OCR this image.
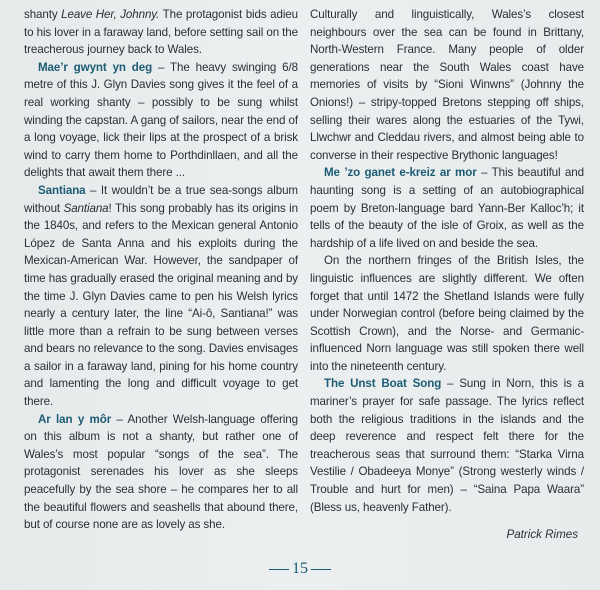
shanty Leave Her, Johnny. The protagonist bids adieu to his lover in a faraway land, before setting sail on the treacherous journey back to Wales.

Mae’r gwynt yn deg – The heavy swinging 6/8 metre of this J. Glyn Davies song gives it the feel of a real working shanty – possibly to be sung whilst winding the capstan. A gang of sailors, near the end of a long voyage, lick their lips at the prospect of a brisk wind to carry them home to Porthdinllaen, and all the delights that await them there ...

Santiana – It wouldn’t be a true sea-songs album without Santiana! This song probably has its origins in the 1840s, and refers to the Mexican general Antonio López de Santa Anna and his exploits during the Mexican-American War. However, the sandpaper of time has gradually erased the original meaning and by the time J. Glyn Davies came to pen his Welsh lyrics nearly a century later, the line “Ai-ô, Santiana!” was little more than a refrain to be sung between verses and bears no relevance to the song. Davies envisages a sailor in a faraway land, pining for his home country and lamenting the long and difficult voyage to get there.

Ar lan y môr – Another Welsh-language offering on this album is not a shanty, but rather one of Wales’s most popular “songs of the sea”. The protagonist serenades his lover as she sleeps peacefully by the sea shore – he compares her to all the beautiful flowers and seashells that abound there, but of course none are as lovely as she.

Culturally and linguistically, Wales’s closest neighbours over the sea can be found in Brittany, North-Western France. Many people of older generations near the South Wales coast have memories of visits by “Sioni Winwns” (Johnny the Onions!) – stripy-topped Bretons stepping off ships, selling their wares along the estuaries of the Tywi, Llwchwr and Cleddau rivers, and almost being able to converse in their respective Brythonic languages!

Me ’zo ganet e-kreiz ar mor – This beautiful and haunting song is a setting of an autobiographical poem by Breton-language bard Yann-Ber Kalloc’h; it tells of the beauty of the isle of Groix, as well as the hardship of a life lived on and beside the sea.

On the northern fringes of the British Isles, the linguistic influences are slightly different. We often forget that until 1472 the Shetland Islands were fully under Norwegian control (before being claimed by the Scottish Crown), and the Norse- and Germanic-influenced Norn language was still spoken there well into the nineteenth century.

The Unst Boat Song – Sung in Norn, this is a mariner’s prayer for safe passage. The lyrics reflect both the religious traditions in the islands and the deep reverence and respect felt there for the treacherous seas that surround them: “Starka Virna Vestilie / Obadeeya Monye” (Strong westerly winds / Trouble and hurt for men) – “Saina Papa Waara” (Bless us, heavenly Father).

Patrick Rimes
15
